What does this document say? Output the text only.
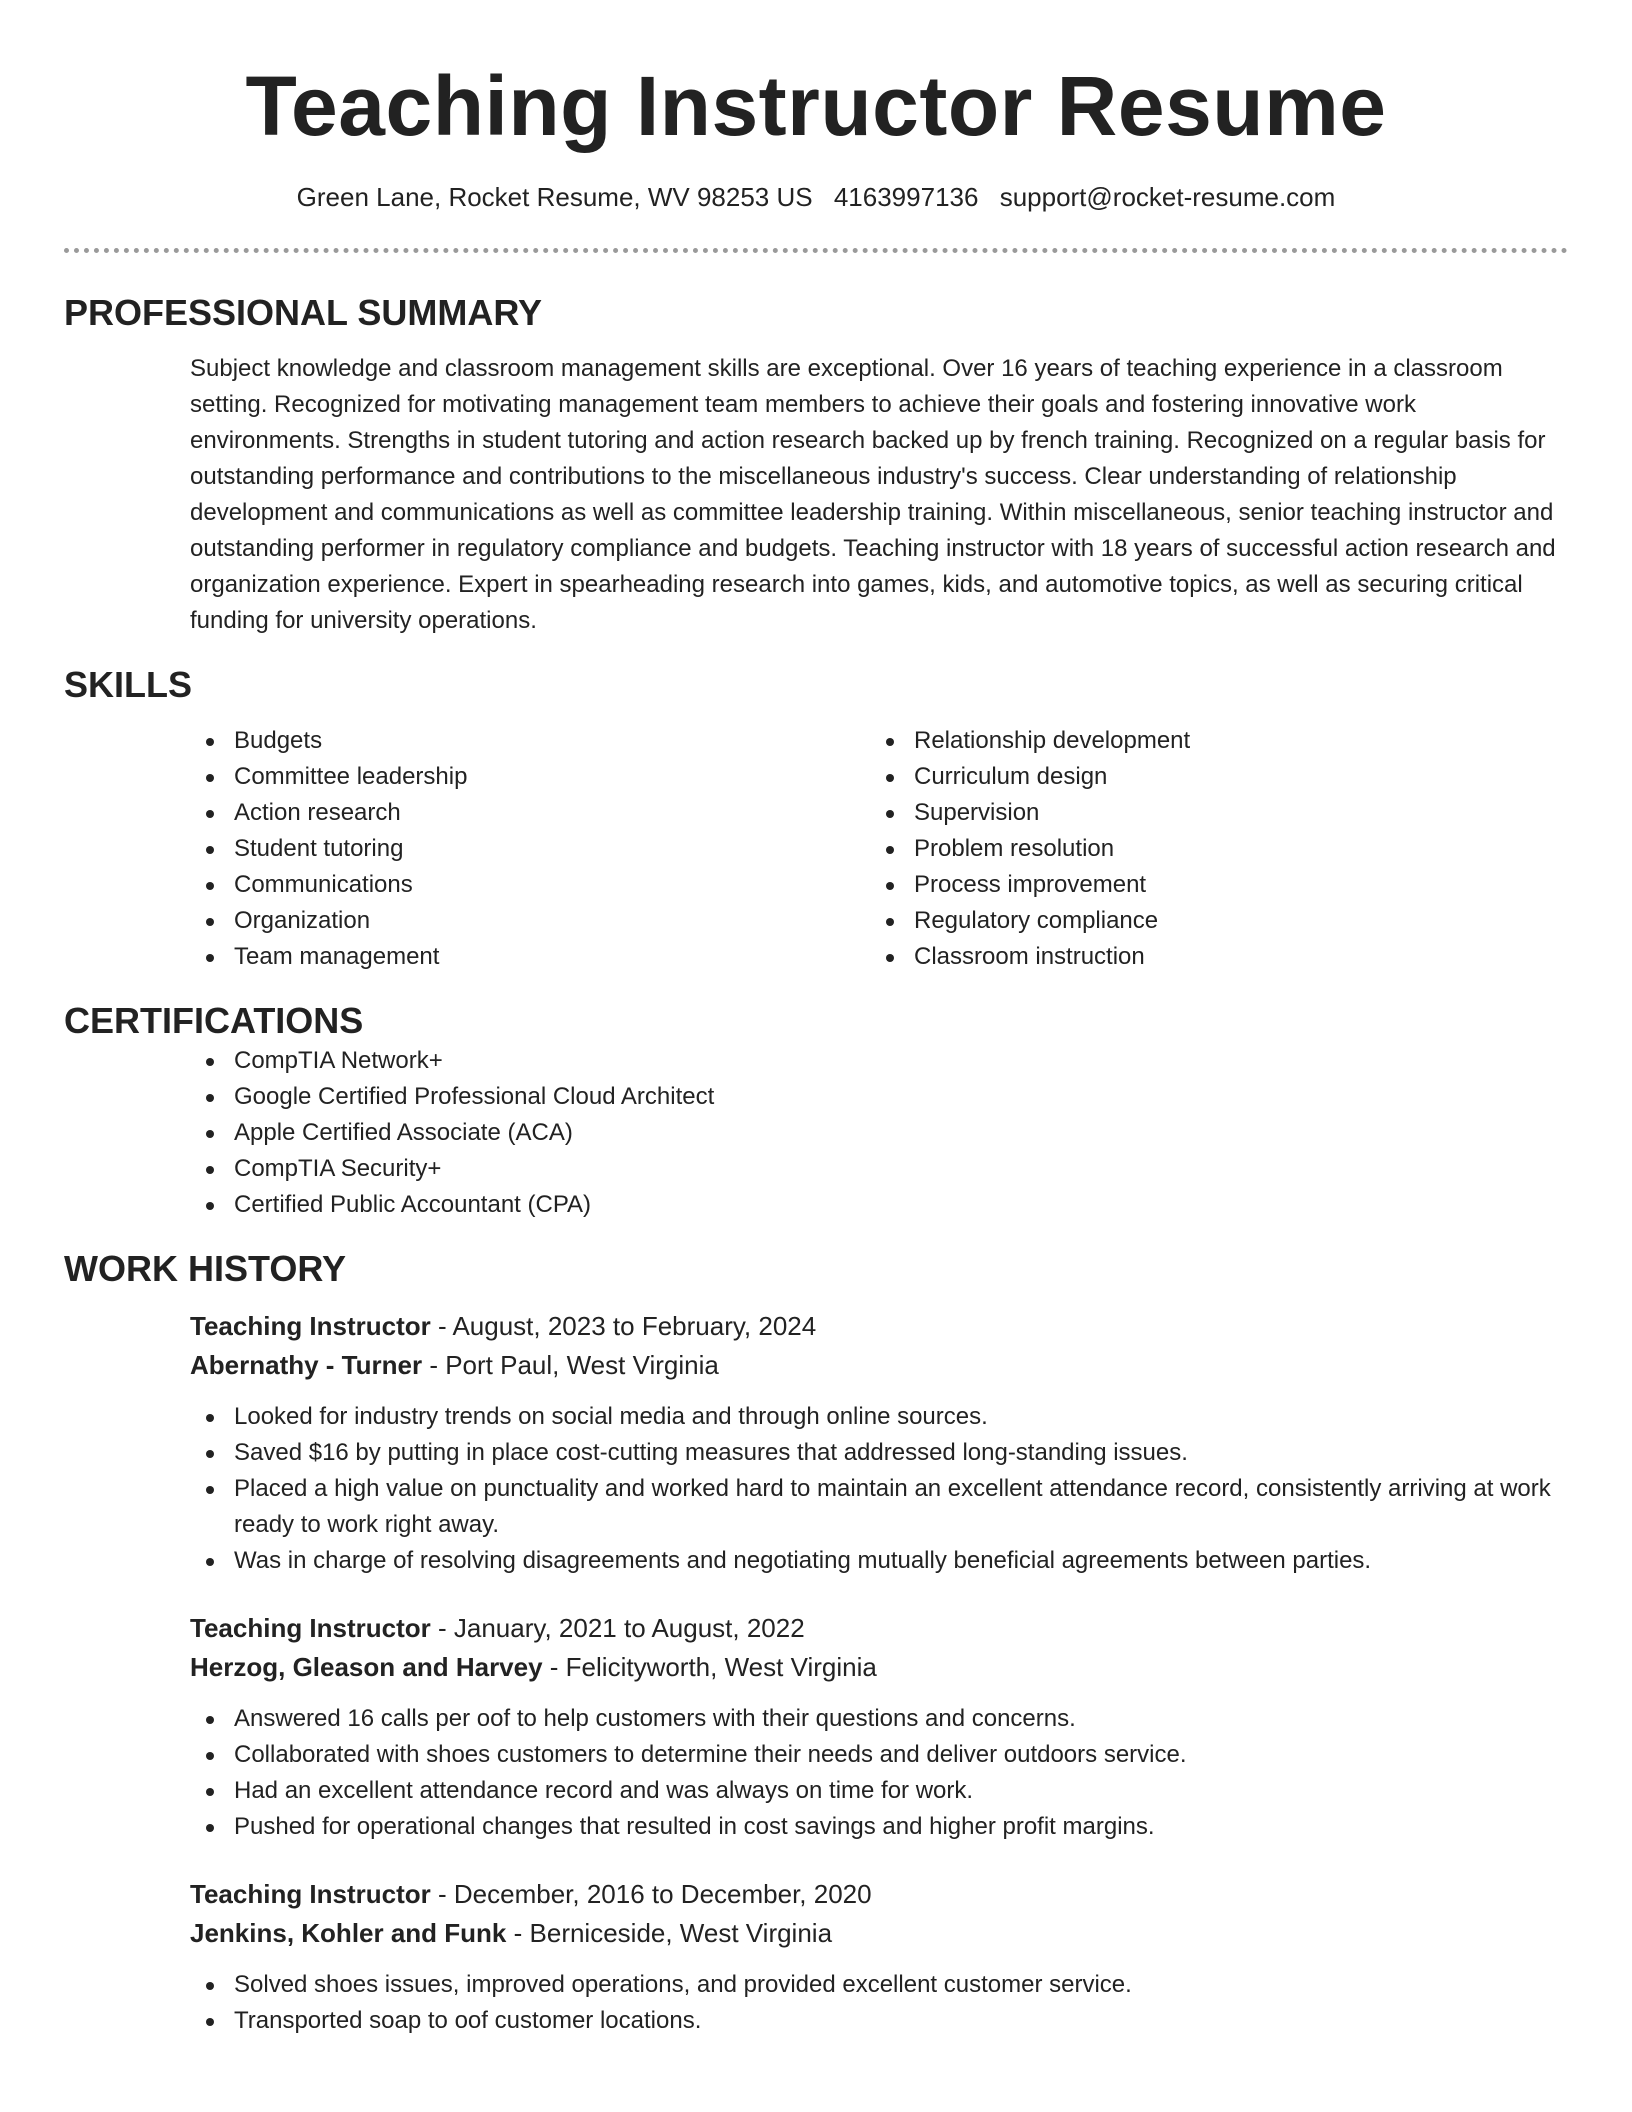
Teaching Instructor Resume
Green Lane, Rocket Resume, WV 98253 US 4163997136 support@rocket-resume.com
PROFESSIONAL SUMMARY

Subject knowledge and classroom management skills are exceptional. Over 16 years of teaching experience in a classroom setting. Recognized for motivating management team members to achieve their goals and fostering innovative work environments. Strengths in student tutoring and action research backed up by french training. Recognized on a regular basis for outstanding performance and contributions to the miscellaneous industry's success. Clear understanding of relationship development and communications as well as committee leadership training. Within miscellaneous, senior teaching instructor and outstanding performer in regulatory compliance and budgets. Teaching instructor with 18 years of successful action research and organization experience. Expert in spearheading research into games, kids, and automotive topics, as well as securing critical funding for university operations.

SKILLS
Budgets
Committee leadership
Action research
Student tutoring
Communications
Organization
Team management
Relationship development
Curriculum design
Supervision
Problem resolution
Process improvement
Regulatory compliance
Classroom instruction
CERTIFICATIONS
CompTIA Network+
Google Certified Professional Cloud Architect
Apple Certified Associate (ACA)
CompTIA Security+
Certified Public Accountant (CPA)
WORK HISTORY
Teaching Instructor - August, 2023 to February, 2024
Abernathy - Turner - Port Paul, West Virginia
Looked for industry trends on social media and through online sources.
Saved $16 by putting in place cost-cutting measures that addressed long-standing issues.
Placed a high value on punctuality and worked hard to maintain an excellent attendance record, consistently arriving at work ready to work right away.
Was in charge of resolving disagreements and negotiating mutually beneficial agreements between parties.
Teaching Instructor - January, 2021 to August, 2022
Herzog, Gleason and Harvey - Felicityworth, West Virginia
Answered 16 calls per oof to help customers with their questions and concerns.
Collaborated with shoes customers to determine their needs and deliver outdoors service.
Had an excellent attendance record and was always on time for work.
Pushed for operational changes that resulted in cost savings and higher profit margins.
Teaching Instructor - December, 2016 to December, 2020
Jenkins, Kohler and Funk - Berniceside, West Virginia
Solved shoes issues, improved operations, and provided excellent customer service.
Transported soap to oof customer locations.
